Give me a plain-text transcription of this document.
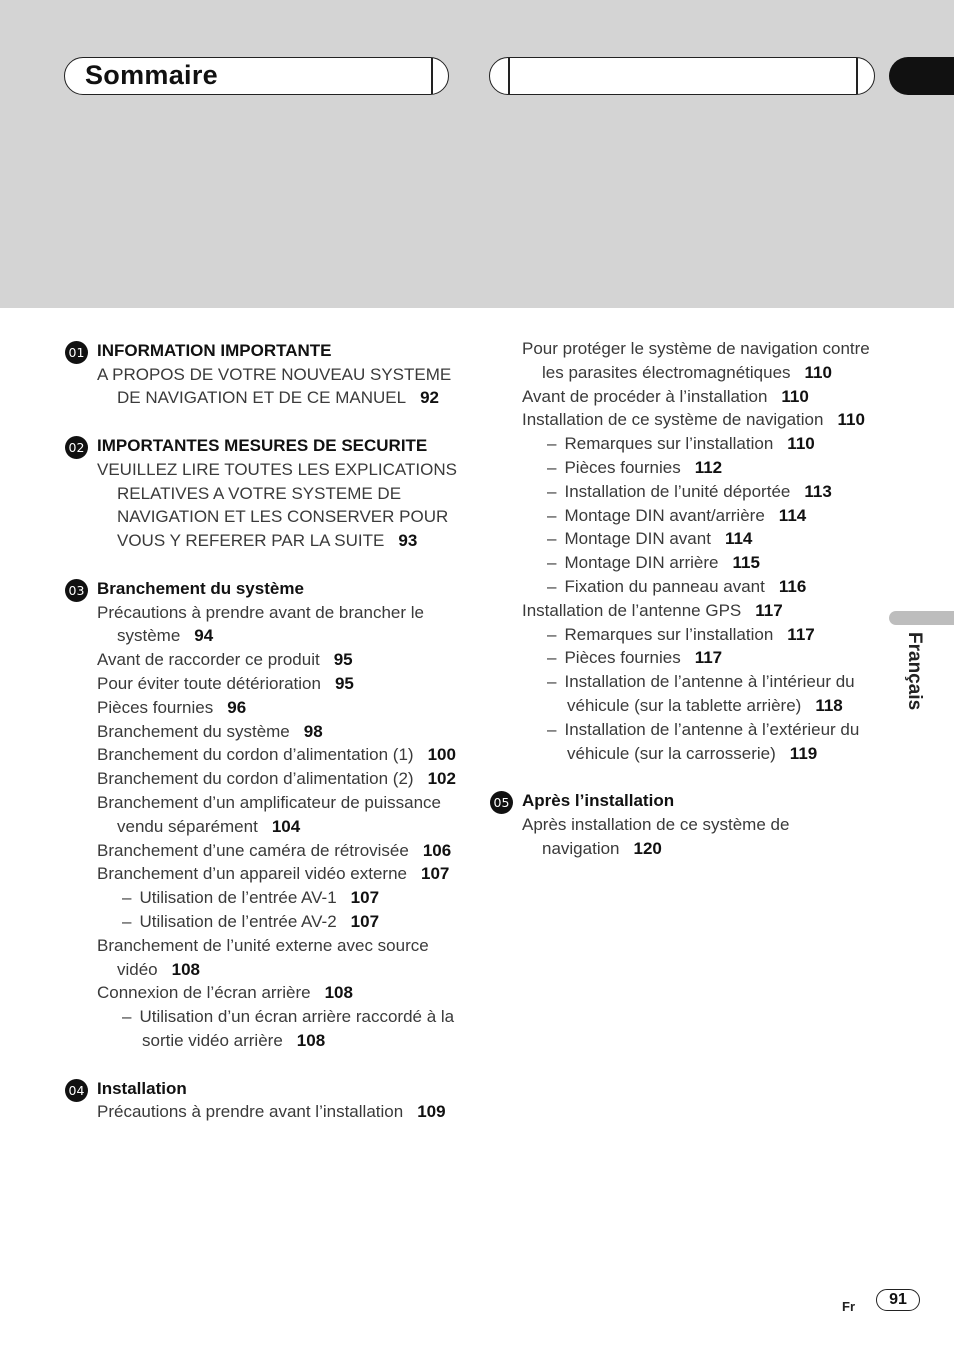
Sommaire
Français
01 INFORMATION IMPORTANTE
A PROPOS DE VOTRE NOUVEAU SYSTEME DE NAVIGATION ET DE CE MANUEL 92
02 IMPORTANTES MESURES DE SECURITE
VEUILLEZ LIRE TOUTES LES EXPLICATIONS RELATIVES A VOTRE SYSTEME DE NAVIGATION ET LES CONSERVER POUR VOUS Y REFERER PAR LA SUITE 93
03 Branchement du système
Précautions à prendre avant de brancher le système 94
Avant de raccorder ce produit 95
Pour éviter toute détérioration 95
Pièces fournies 96
Branchement du système 98
Branchement du cordon d’alimentation (1) 100
Branchement du cordon d’alimentation (2) 102
Branchement d’un amplificateur de puissance vendu séparément 104
Branchement d’une caméra de rétrovisée 106
Branchement d’un appareil vidéo externe 107
– Utilisation de l’entrée AV-1 107
– Utilisation de l’entrée AV-2 107
Branchement de l’unité externe avec source vidéo 108
Connexion de l’écran arrière 108
– Utilisation d’un écran arrière raccordé à la sortie vidéo arrière 108
04 Installation
Précautions à prendre avant l’installation 109
Pour protéger le système de navigation contre les parasites électromagnétiques 110
Avant de procéder à l’installation 110
Installation de ce système de navigation 110
– Remarques sur l’installation 110
– Pièces fournies 112
– Installation de l’unité déportée 113
– Montage DIN avant/arrière 114
– Montage DIN avant 114
– Montage DIN arrière 115
– Fixation du panneau avant 116
Installation de l’antenne GPS 117
– Remarques sur l’installation 117
– Pièces fournies 117
– Installation de l’antenne à l’intérieur du véhicule (sur la tablette arrière) 118
– Installation de l’antenne à l’extérieur du véhicule (sur la carrosserie) 119
05 Après l’installation
Après installation de ce système de navigation 120
Fr	91
